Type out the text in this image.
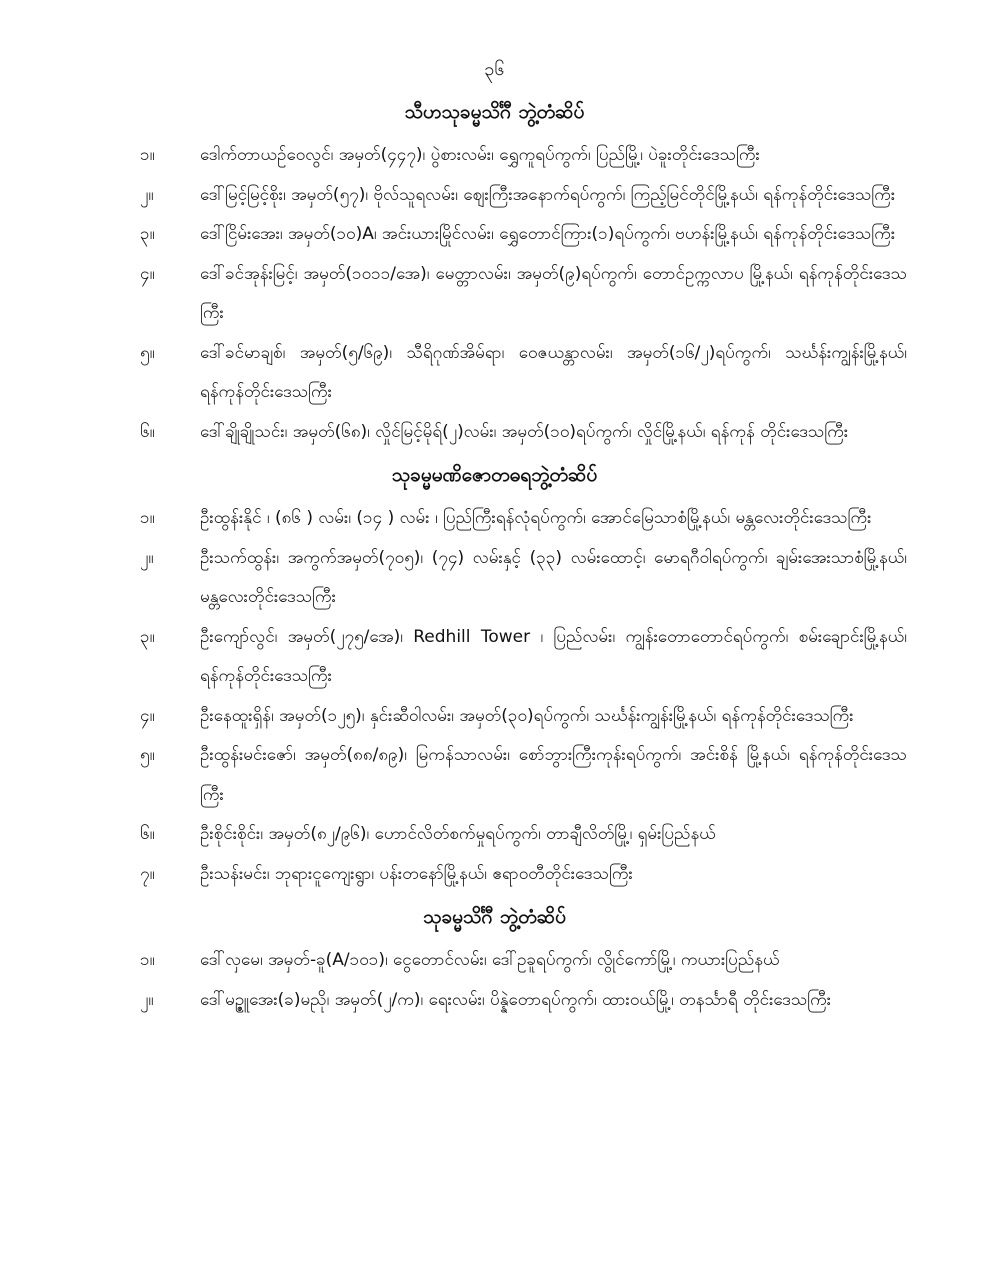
၃၆
သီဟသုခမ္မသိင်္ဂီ ဘွဲ့တံဆိပ်
၁။	ဒေါက်တာယဉ်ဝေလွင်၊ အမှတ်(၄၄၇)၊ ပွဲစားလမ်း၊ ရွှေကူရပ်ကွက်၊ ပြည်မြို့၊ ပဲခူးတိုင်းဒေသကြီး
၂။	ဒေါ်မြင့်မြင့်စိုး၊ အမှတ်(၅၇)၊ ဗိုလ်သူရလမ်း၊ ဈေးကြီးအနောက်ရပ်ကွက်၊ ကြည့်မြင်တိုင်မြို့နယ်၊ ရန်ကုန်တိုင်းဒေသကြီး
၃။	ဒေါ်ငြိမ်းအေး၊ အမှတ်(၁၀)A၊ အင်းယားမြိုင်လမ်း၊ ရွှေတောင်ကြား(၁)ရပ်ကွက်၊ ဗဟန်းမြို့နယ်၊ ရန်ကုန်တိုင်းဒေသကြီး
၄။	ဒေါ်ခင်အုန်းမြင့်၊ အမှတ်(၁၀၁၁/အေ)၊ မေတ္တာလမ်း၊ အမှတ်(၉)ရပ်ကွက်၊ တောင်ဥက္ကလာပ မြို့နယ်၊ ရန်ကုန်တိုင်းဒေသကြီး
၅။	ဒေါ်ခင်မာချစ်၊ အမှတ်(၅/၆၉)၊ သီရိဂုဏ်အိမ်ရာ၊ ဝေဇယန္တာလမ်း၊ အမှတ်(၁၆/၂)ရပ်ကွက်၊ သင်္ဃန်းကျွန်းမြို့နယ်၊ ရန်ကုန်တိုင်းဒေသကြီး
၆။	ဒေါ်ချိုချိုသင်း၊ အမှတ်(၆၈)၊ လှိုင်မြင့်မိုရ်(၂)လမ်း၊ အမှတ်(၁၀)ရပ်ကွက်၊ လှိုင်မြို့နယ်၊ ရန်ကုန် တိုင်းဒေသကြီး
သုခမ္မမဏိဇောတဓရဘွဲ့တံဆိပ်
၁။	ဦးထွန်းနိုင် ၊ (၈၆ ) လမ်း၊ (၁၄ ) လမ်း ၊ ပြည်ကြီးရန်လုံရပ်ကွက်၊ အောင်မြေသာစံမြို့နယ်၊ မန္တလေးတိုင်းဒေသကြီး
၂။	ဦးသက်ထွန်း၊ အကွက်အမှတ်(၇၀၅)၊ (၇၄) လမ်းနှင့် (၃၃) လမ်းထောင့်၊ မောရဂီဝါရပ်ကွက်၊ ချမ်းအေးသာစံမြို့နယ်၊ မန္တလေးတိုင်းဒေသကြီး
၃။	ဦးကျော်လွင်၊ အမှတ်(၂၇၅/အေ)၊ Redhill Tower ၊ ပြည်လမ်း၊ ကျွန်းတောတောင်ရပ်ကွက်၊ စမ်းချောင်းမြို့နယ်၊ ရန်ကုန်တိုင်းဒေသကြီး
၄။	ဦးနေထူးရှိန်၊ အမှတ်(၁၂၅)၊ နှင်းဆီဝါလမ်း၊ အမှတ်(၃၀)ရပ်ကွက်၊ သင်္ဃန်းကျွန်းမြို့နယ်၊ ရန်ကုန်တိုင်းဒေသကြီး
၅။	ဦးထွန်းမင်းဇော်၊ အမှတ်(၈၈/၈၉)၊ မြကန်သာလမ်း၊ စော်ဘွားကြီးကုန်းရပ်ကွက်၊ အင်းစိန် မြို့နယ်၊ ရန်ကုန်တိုင်းဒေသကြီး
၆။	ဦးစိုင်းစိုင်း၊ အမှတ်(၈၂/၉၆)၊ ဟောင်လိတ်စက်မှုရပ်ကွက်၊ တာချီလိတ်မြို့၊ ရှမ်းပြည်နယ်
၇။	ဦးသန်းမင်း၊ ဘုရားငူကျေးရွာ၊ ပန်းတနော်မြို့နယ်၊ ဧရာဝတီတိုင်းဒေသကြီး
သုခမ္မသိင်္ဂီ ဘွဲ့တံဆိပ်
၁။	ဒေါ်လှမေ၊ အမှတ်-ခူ(A/၁၀၁)၊ ငွေတောင်လမ်း၊ ဒေါ်ဥခူရပ်ကွက်၊ လွိုင်ကော်မြို့၊ ကယားပြည်နယ်
၂။	ဒေါ်မဥ္ဇူအေး(ခ)မညို၊ အမှတ်(၂/က)၊ ရေးလမ်း၊ ပိန္နဲတောရပ်ကွက်၊ ထားဝယ်မြို့၊ တနင်္သာရီ တိုင်းဒေသကြီး
